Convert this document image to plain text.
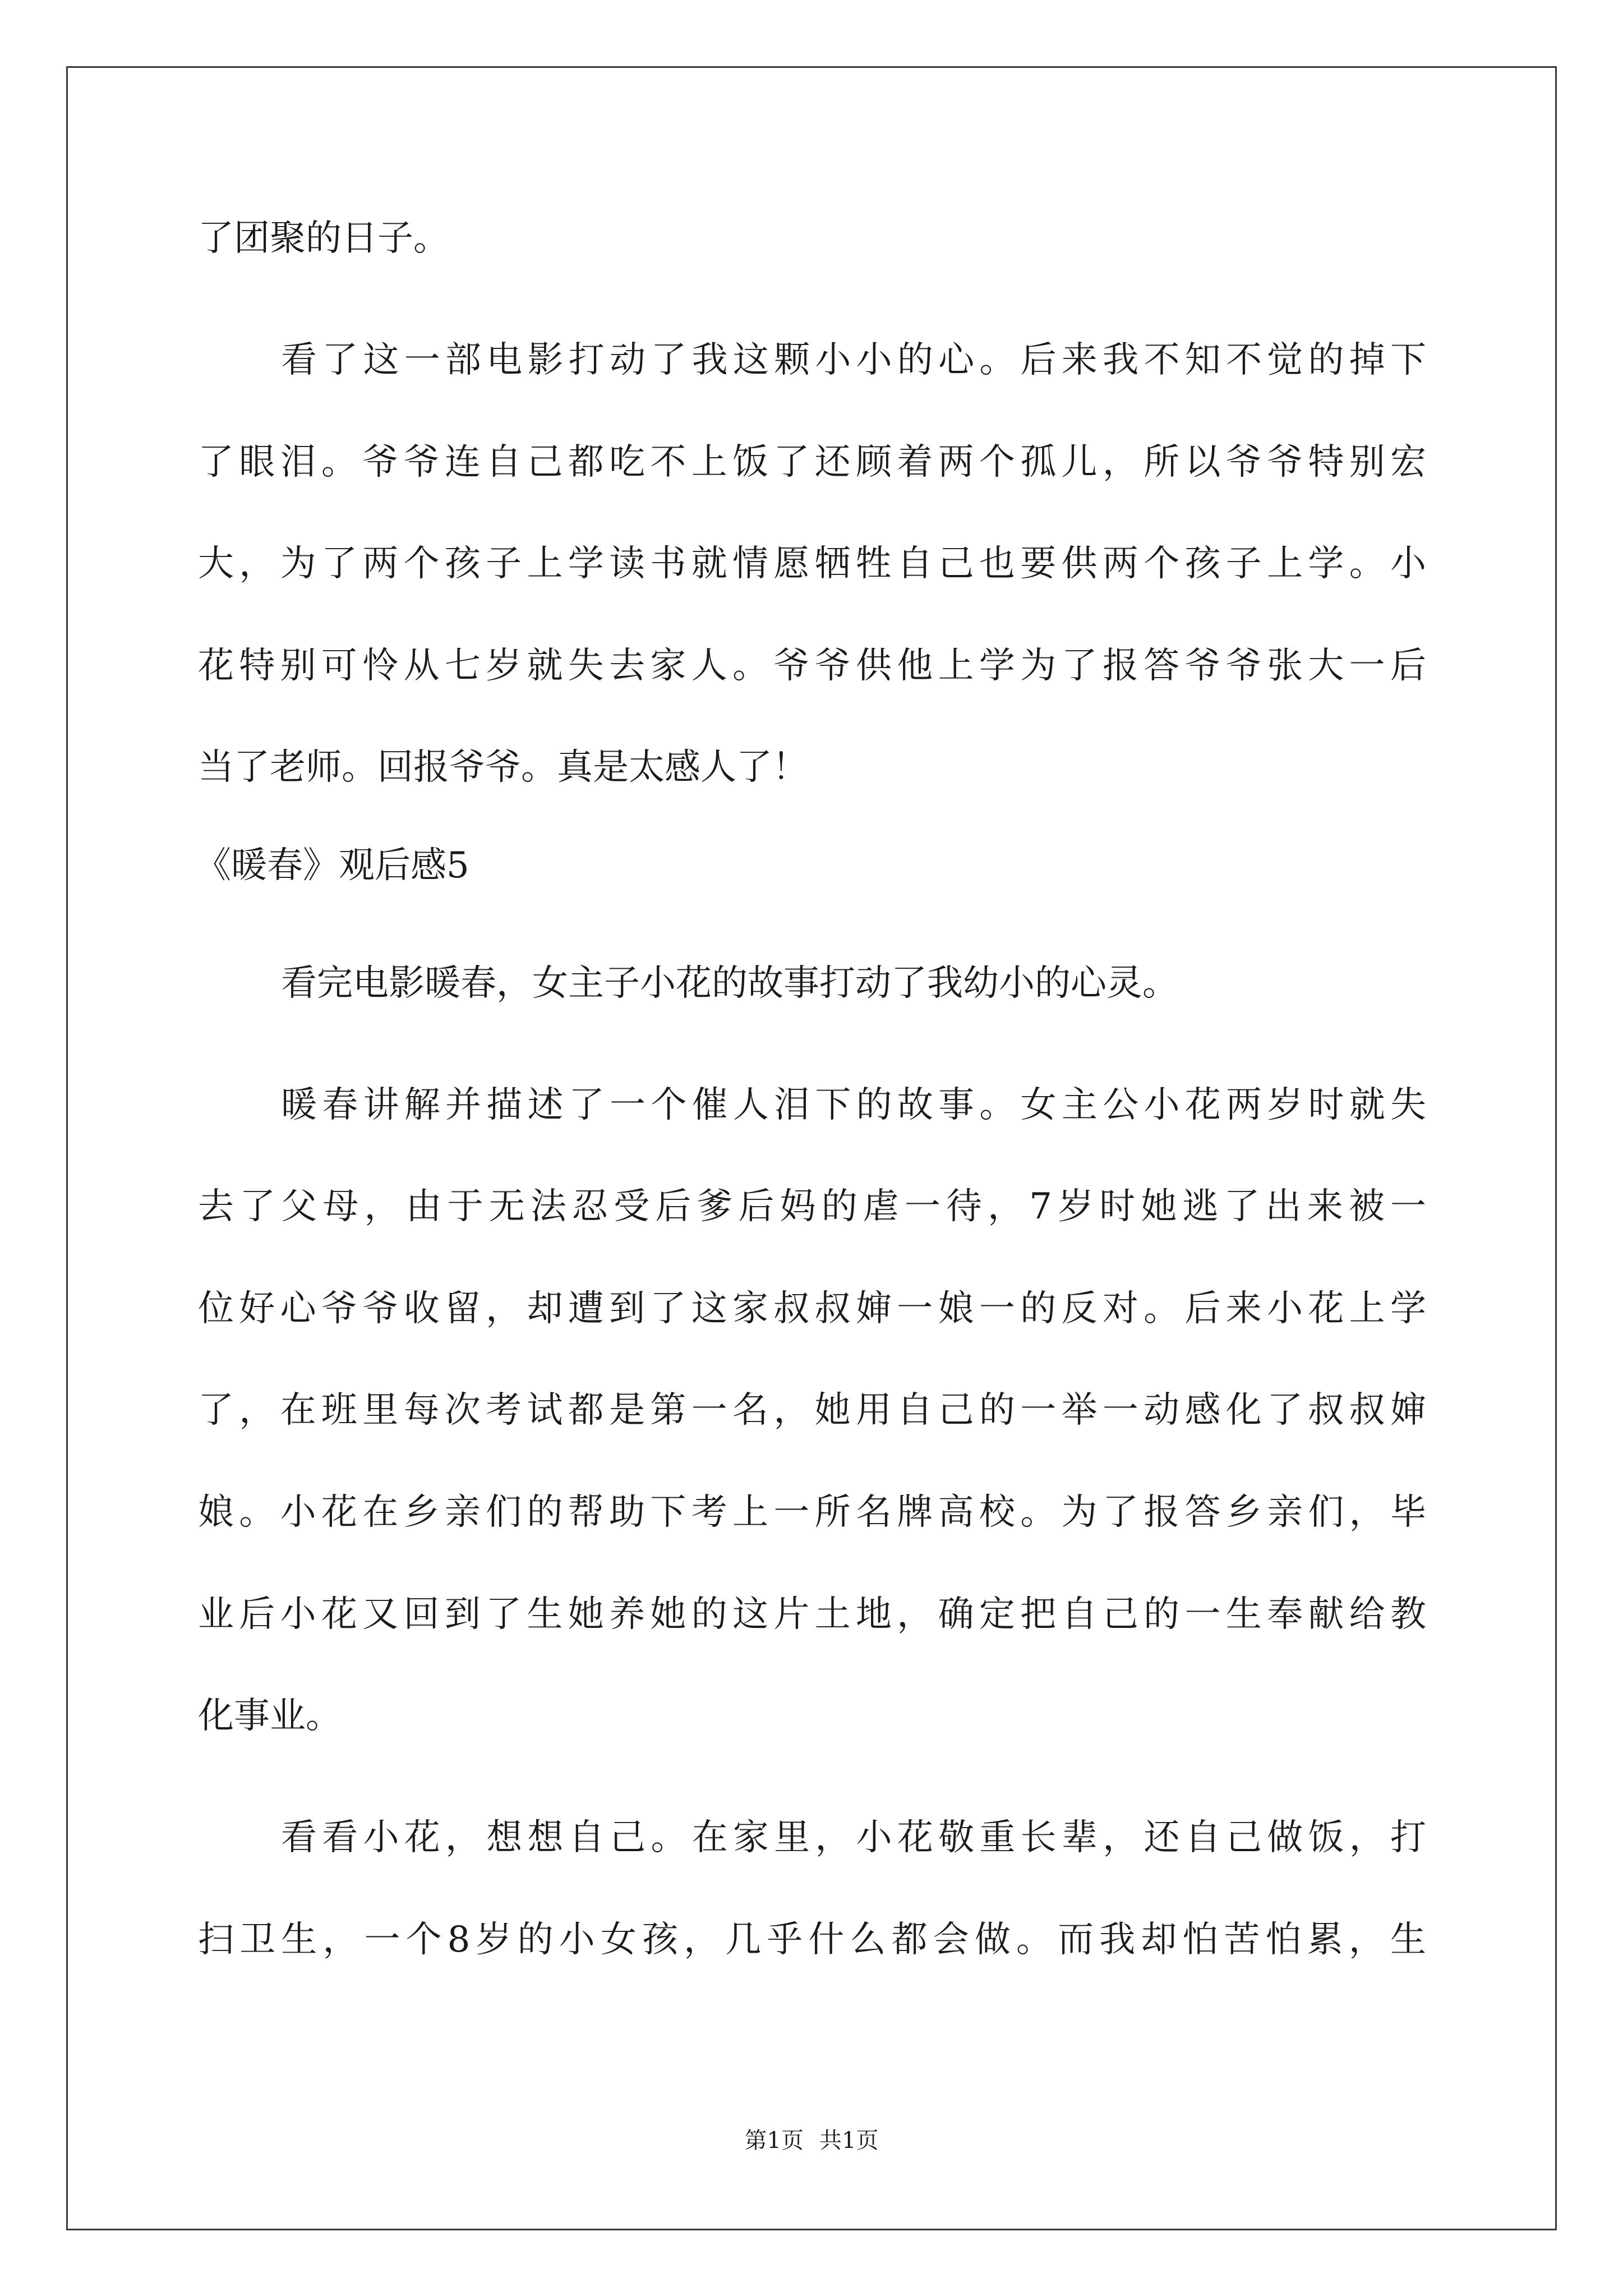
了团聚的日子。
看了这一部电影打动了我这颗小小的心。后来我不知不觉的掉下
了眼泪。爷爷连自己都吃不上饭了还顾着两个孤儿，所以爷爷特别宏
大，为了两个孩子上学读书就情愿牺牲自己也要供两个孩子上学。小
花特别可怜从七岁就失去家人。爷爷供他上学为了报答爷爷张大一后
当了老师。回报爷爷。真是太感人了！
《暖春》观后感5
看完电影暖春，女主子小花的故事打动了我幼小的心灵。
暖春讲解并描述了一个催人泪下的故事。女主公小花两岁时就失
去了父母，由于无法忍受后爹后妈的虐一待，7岁时她逃了出来被一
位好心爷爷收留，却遭到了这家叔叔婶一娘一的反对。后来小花上学
了，在班里每次考试都是第一名，她用自己的一举一动感化了叔叔婶
娘。小花在乡亲们的帮助下考上一所名牌高校。为了报答乡亲们，毕
业后小花又回到了生她养她的这片土地，确定把自己的一生奉献给教
化事业。
看看小花，想想自己。在家里，小花敬重长辈，还自己做饭，打
扫卫生，一个8岁的小女孩，几乎什么都会做。而我却怕苦怕累，生
第1页 共1页
